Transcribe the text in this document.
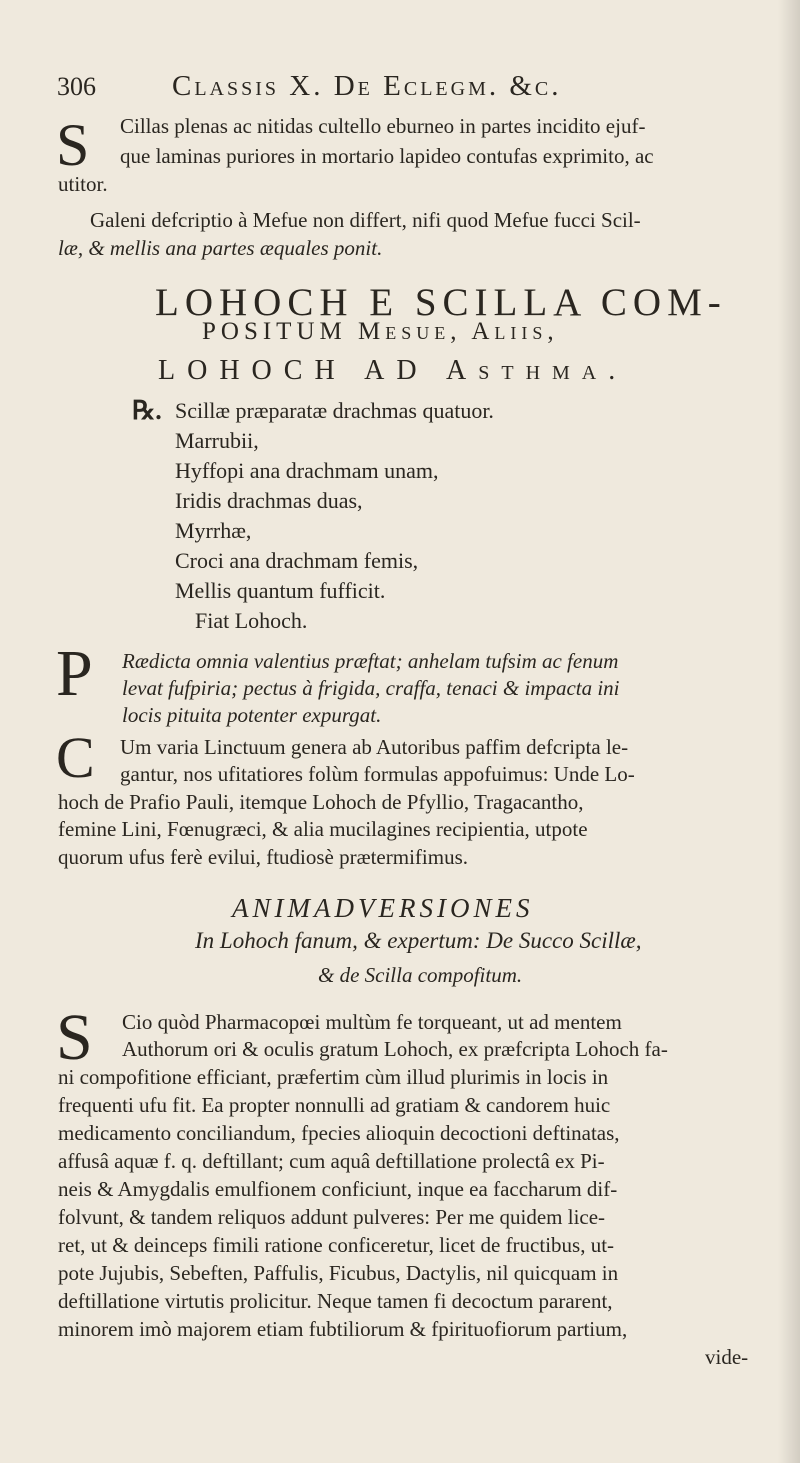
306	Classis X. De Eclegm. &c.
S Cillas plenas ac nitidas cultello eburneo in partes incidito ejuf-
que laminas puriores in mortario lapideo contufas exprimito, ac
utitor.
Galeni defcriptio à Mefue non differt, nifi quod Mefue fucci Scil-
læ, & mellis ana partes æquales ponit.
LOHOCH E SCILLA COM-
POSITUM Mesue, Aliis,
LOHOCH AD Asthma.
℞. Scillæ præparatæ drachmas quatuor.
Marrubii,
Hyffopi ana drachmam unam,
Iridis drachmas duas,
Myrrhæ,
Croci ana drachmam femis,
Mellis quantum fufficit.
Fiat Lohoch.
P Rædicta omnia valentius præftat; anhelam tufsim ac fenum
levat fufpiria; pectus à frigida, craffa, tenaci & impacta ini
locis pituita potenter expurgat.
C Um varia Linctuum genera ab Autoribus paffim defcripta le-
gantur, nos ufitatiores folùm formulas appofuimus: Unde Lo-
hoch de Prafio Pauli, itemque Lohoch de Pfyllio, Tragacantho,
femine Lini, Fœnugræci, & alia mucilagines recipientia, utpote
quorum ufus ferè evilui, ftudiosè prætermifimus.
ANIMADVERSIONES
In Lohoch fanum, & expertum: De Succo Scillæ,
& de Scilla compofitum.
S Cio quòd Pharmacopœi multùm fe torqueant, ut ad mentem
Authorum ori & oculis gratum Lohoch, ex præfcripta Lohoch fa-
ni compofitione efficiant, præfertim cùm illud plurimis in locis in
frequenti ufu fit. Ea propter nonnulli ad gratiam & candorem huic
medicamento conciliandum, fpecies alioquin decoctioni deftinatas,
affusâ aquæ f. q. deftillant; cum aquâ deftillatione prolectâ ex Pi-
neis & Amygdalis emulfionem conficiunt, inque ea faccharum dif-
folvunt, & tandem reliquos addunt pulveres: Per me quidem lice-
ret, ut & deinceps fimili ratione conficeretur, licet de fructibus, ut-
pote Jujubis, Sebeften, Paffulis, Ficubus, Dactylis, nil quicquam in
deftillatione virtutis prolicitur. Neque tamen fi decoctum pararent,
minorem imò majorem etiam fubtiliorum & fpirituofiorum partium,
vide-
